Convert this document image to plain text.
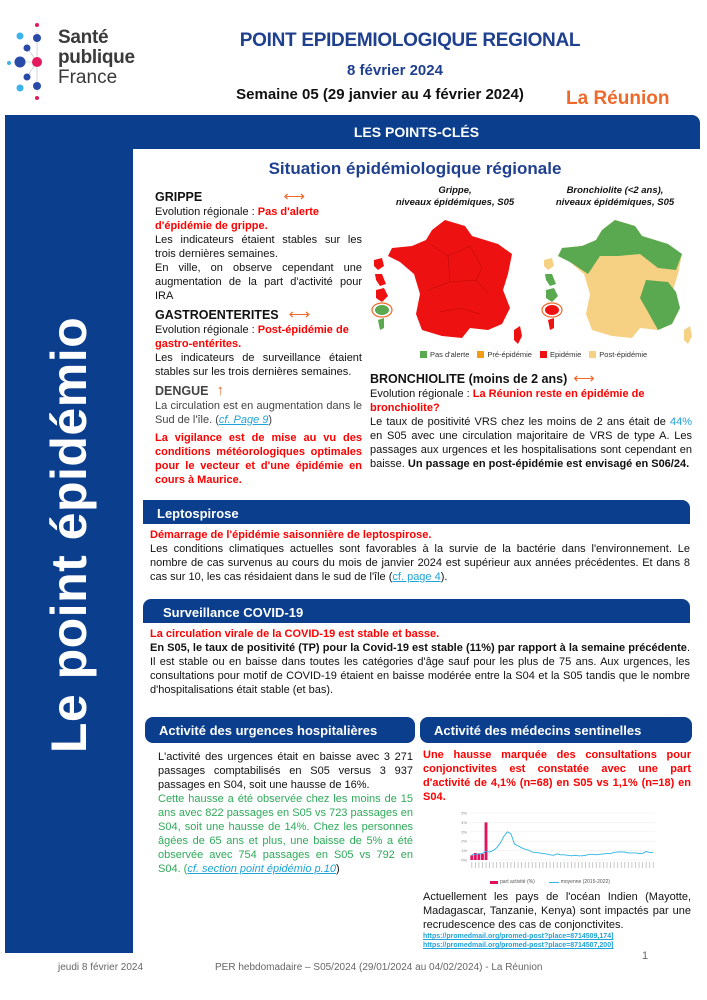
Santé
publique
France
POINT EPIDEMIOLOGIQUE REGIONAL
8 février 2024
Semaine 05 (29 janvier au 4 février 2024)	La Réunion
Le point épidémio
LES POINTS-CLÉS
Situation épidémiologique régionale
GRIPPE	⟷
Evolution régionale : Pas d'alerte d'épidémie de grippe.
Les indicateurs étaient stables sur les trois dernières semaines.
En ville, on observe cependant une augmentation de la part d'activité pour IRA
GASTROENTERITES ⟷
Evolution régionale : Post-épidémie de gastro-entérites.
Les indicateurs de surveillance étaient stables sur les trois dernières semaines.
DENGUE ↑
La circulation est en augmentation dans le Sud de l'île. (cf. Page 9)
La vigilance est de mise au vu des conditions météorologiques optimales pour le vecteur et d'une épidémie en cours à Maurice.
Grippe,
niveaux épidémiques, S05
Bronchiolite (<2 ans),
niveaux épidémiques, S05
Pas d'alerte Pré-épidémie Epidémie Post-épidémie
BRONCHIOLITE (moins de 2 ans) ⟷
Evolution régionale : La Réunion reste en épidémie de bronchiolite?
Le taux de positivité VRS chez les moins de 2 ans était de 44% en S05 avec une circulation majoritaire de VRS de type A. Les passages aux urgences et les hospitalisations sont cependant en baisse. Un passage en post-épidémie est envisagé en S06/24.
Leptospirose
Démarrage de l'épidémie saisonnière de leptospirose.
Les conditions climatiques actuelles sont favorables à la survie de la bactérie dans l'environnement. Le nombre de cas survenus au cours du mois de janvier 2024 est supérieur aux années précédentes. Et dans 8 cas sur 10, les cas résidaient dans le sud de l'île (cf. page 4).
Surveillance COVID-19
La circulation virale de la COVID-19 est stable et basse.
En S05, le taux de positivité (TP) pour la Covid-19 est stable (11%) par rapport à la semaine précédente. Il est stable ou en baisse dans toutes les catégories d'âge sauf pour les plus de 75 ans. Aux urgences, les consultations pour motif de COVID-19 étaient en baisse modérée entre la S04 et la S05 tandis que le nombre d'hospitalisations était stable (et bas).
Activité des urgences hospitalières
L'activité des urgences était en baisse avec 3 271 passages comptabilisés en S05 versus 3 937 passages en S04, soit une hausse de 16%.
Cette hausse a été observée chez les moins de 15 ans avec 822 passages en S05 vs 723 passages en S04, soit une hausse de 14%. Chez les personnes âgées de 65 ans et plus, une baisse de 5% a été observée avec 754 passages en S05 vs 792 en S04. (cf. section point épidémio p.10)
Activité des médecins sentinelles
Une hausse marquée des consultations pour conjonctivites est constatée avec une part d'activité de 4,1% (n=68) en S05 vs 1,1% (n=18) en S04.
0%
1%
2%
3%
4%
5%
part activité (%)	moyenne (2015-2022)
Actuellement les pays de l'océan Indien (Mayotte, Madagascar, Tanzanie, Kenya) sont impactés par une recrudescence des cas de conjonctivites.
https://promedmail.org/promed-post?place=8714509,174]
https://promedmail.org/promed-post?place=8714507,200]
jeudi 8 février 2024	PER hebdomadaire – S05/2024 (29/01/2024 au 04/02/2024) - La Réunion
1
